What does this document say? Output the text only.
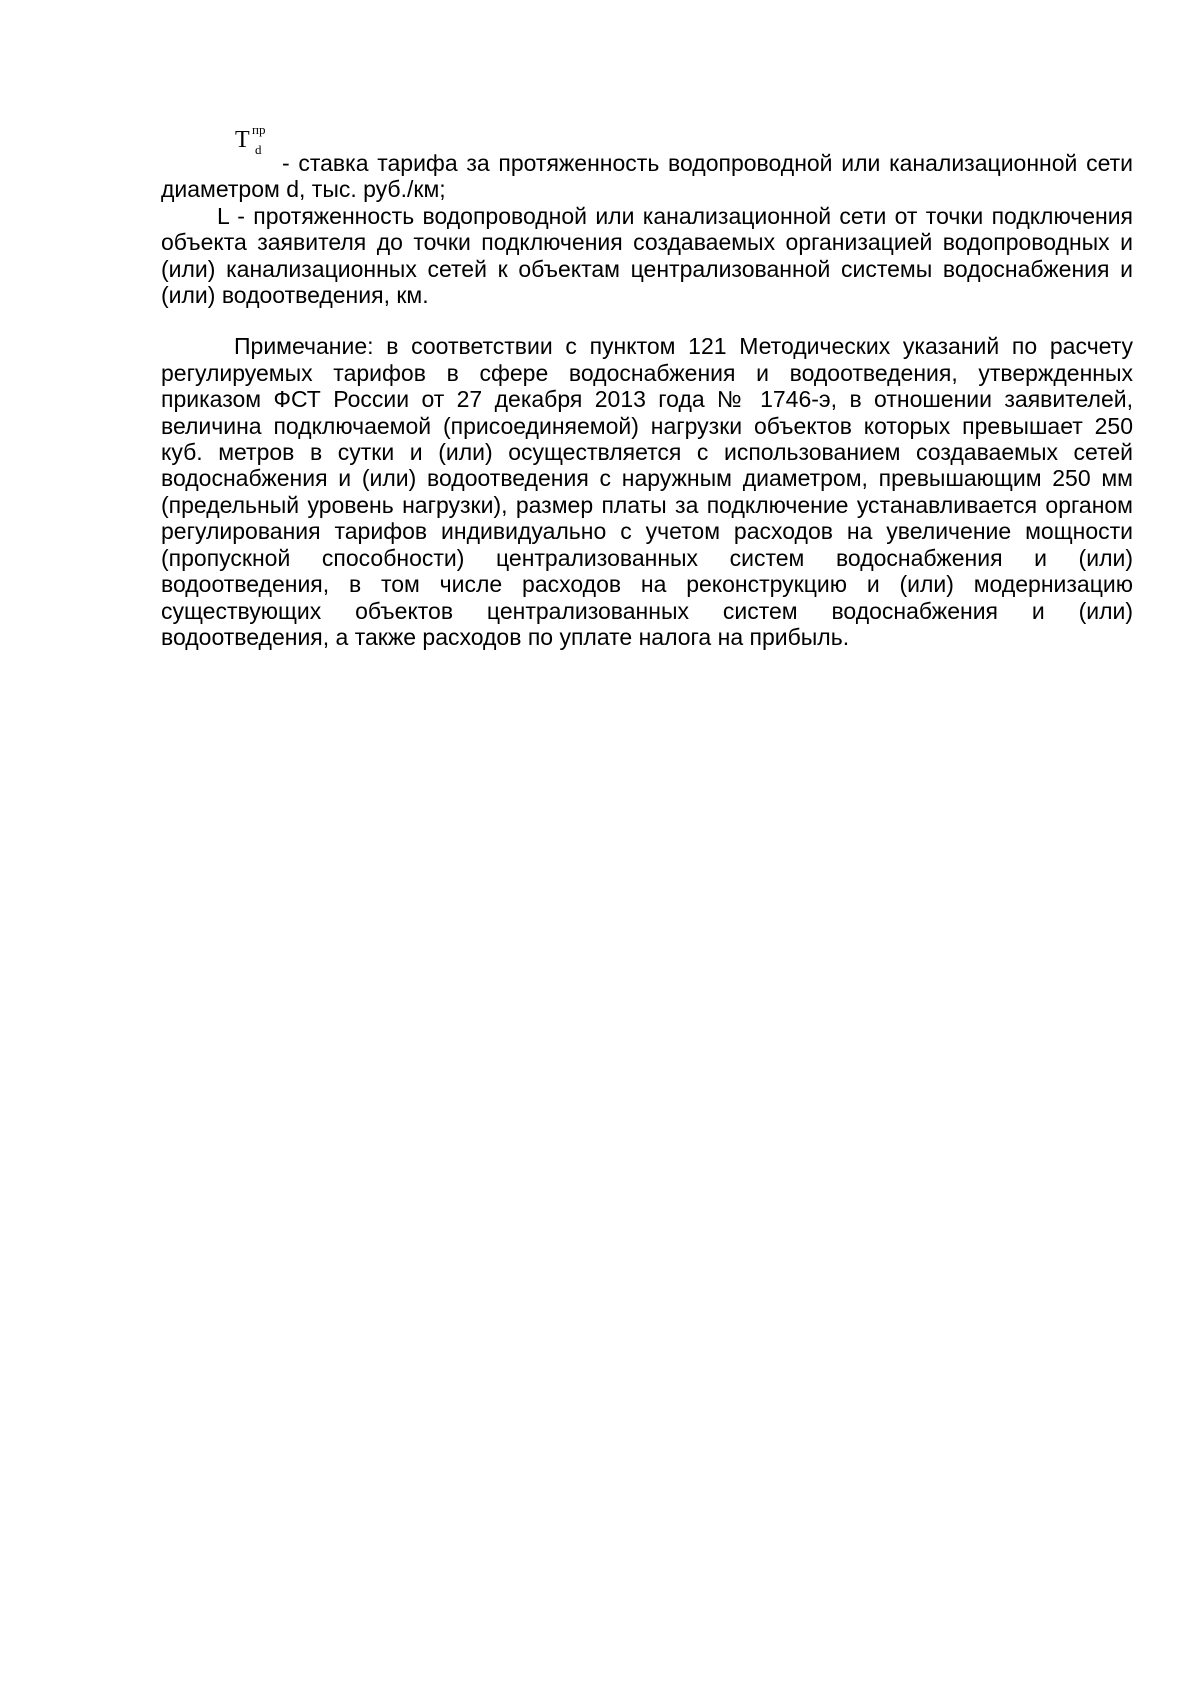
T пр
d
- ставка тарифа за протяженность водопроводной или канализационной сети диаметром d, тыс. руб./км;

L - протяженность водопроводной или канализационной сети от точки подключения объекта заявителя до точки подключения создаваемых организацией водопроводных и (или) канализационных сетей к объектам централизованной системы водоснабжения и (или) водоотведения, км.

Примечание: в соответствии с пунктом 121 Методических указаний по расчету регулируемых тарифов в сфере водоснабжения и водоотведения, утвержденных приказом ФСТ России от 27 декабря 2013 года № 1746-э, в отношении заявителей, величина подключаемой (присоединяемой) нагрузки объектов которых превышает 250 куб. метров в сутки и (или) осуществляется с использованием создаваемых сетей водоснабжения и (или) водоотведения с наружным диаметром, превышающим 250 мм (предельный уровень нагрузки), размер платы за подключение устанавливается органом регулирования тарифов индивидуально с учетом расходов на увеличение мощности (пропускной способности) централизованных систем водоснабжения и (или) водоотведения, в том числе расходов на реконструкцию и (или) модернизацию существующих объектов централизованных систем водоснабжения и (или) водоотведения, а также расходов по уплате налога на прибыль.
